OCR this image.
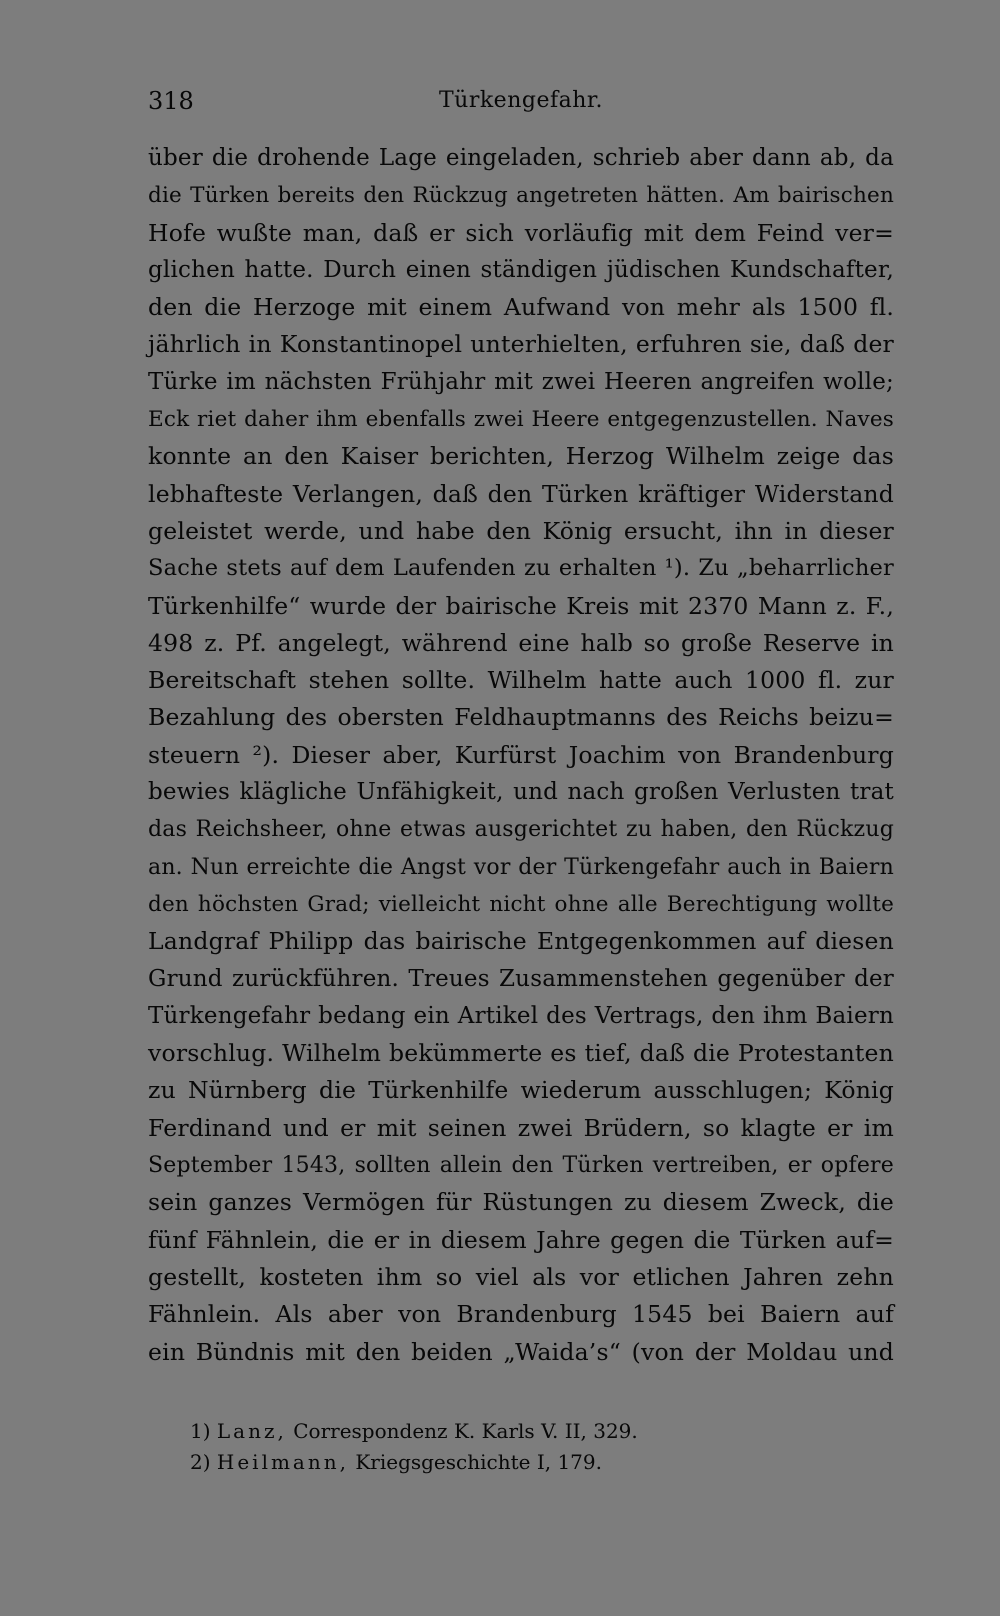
318	Türkengefahr.
über die drohende Lage eingeladen, schrieb aber dann ab, da
die Türken bereits den Rückzug angetreten hätten. Am bairischen
Hofe wußte man, daß er sich vorläufig mit dem Feind ver=
glichen hatte. Durch einen ständigen jüdischen Kundschafter,
den die Herzoge mit einem Aufwand von mehr als 1500 fl.
jährlich in Konstantinopel unterhielten, erfuhren sie, daß der
Türke im nächsten Frühjahr mit zwei Heeren angreifen wolle;
Eck riet daher ihm ebenfalls zwei Heere entgegenzustellen. Naves
konnte an den Kaiser berichten, Herzog Wilhelm zeige das
lebhafteste Verlangen, daß den Türken kräftiger Widerstand
geleistet werde, und habe den König ersucht, ihn in dieser
Sache stets auf dem Laufenden zu erhalten ¹). Zu „beharrlicher
Türkenhilfe“ wurde der bairische Kreis mit 2370 Mann z. F.,
498 z. Pf. angelegt, während eine halb so große Reserve in
Bereitschaft stehen sollte. Wilhelm hatte auch 1000 fl. zur
Bezahlung des obersten Feldhauptmanns des Reichs beizu=
steuern ²). Dieser aber, Kurfürst Joachim von Brandenburg
bewies klägliche Unfähigkeit, und nach großen Verlusten trat
das Reichsheer, ohne etwas ausgerichtet zu haben, den Rückzug
an. Nun erreichte die Angst vor der Türkengefahr auch in Baiern
den höchsten Grad; vielleicht nicht ohne alle Berechtigung wollte
Landgraf Philipp das bairische Entgegenkommen auf diesen
Grund zurückführen. Treues Zusammenstehen gegenüber der
Türkengefahr bedang ein Artikel des Vertrags, den ihm Baiern
vorschlug. Wilhelm bekümmerte es tief, daß die Protestanten
zu Nürnberg die Türkenhilfe wiederum ausschlugen; König
Ferdinand und er mit seinen zwei Brüdern, so klagte er im
September 1543, sollten allein den Türken vertreiben, er opfere
sein ganzes Vermögen für Rüstungen zu diesem Zweck, die
fünf Fähnlein, die er in diesem Jahre gegen die Türken auf=
gestellt, kosteten ihm so viel als vor etlichen Jahren zehn
Fähnlein. Als aber von Brandenburg 1545 bei Baiern auf
ein Bündnis mit den beiden „Waida’s“ (von der Moldau und
1) Lanz, Correspondenz K. Karls V. II, 329.
2) Heilmann, Kriegsgeschichte I, 179.
